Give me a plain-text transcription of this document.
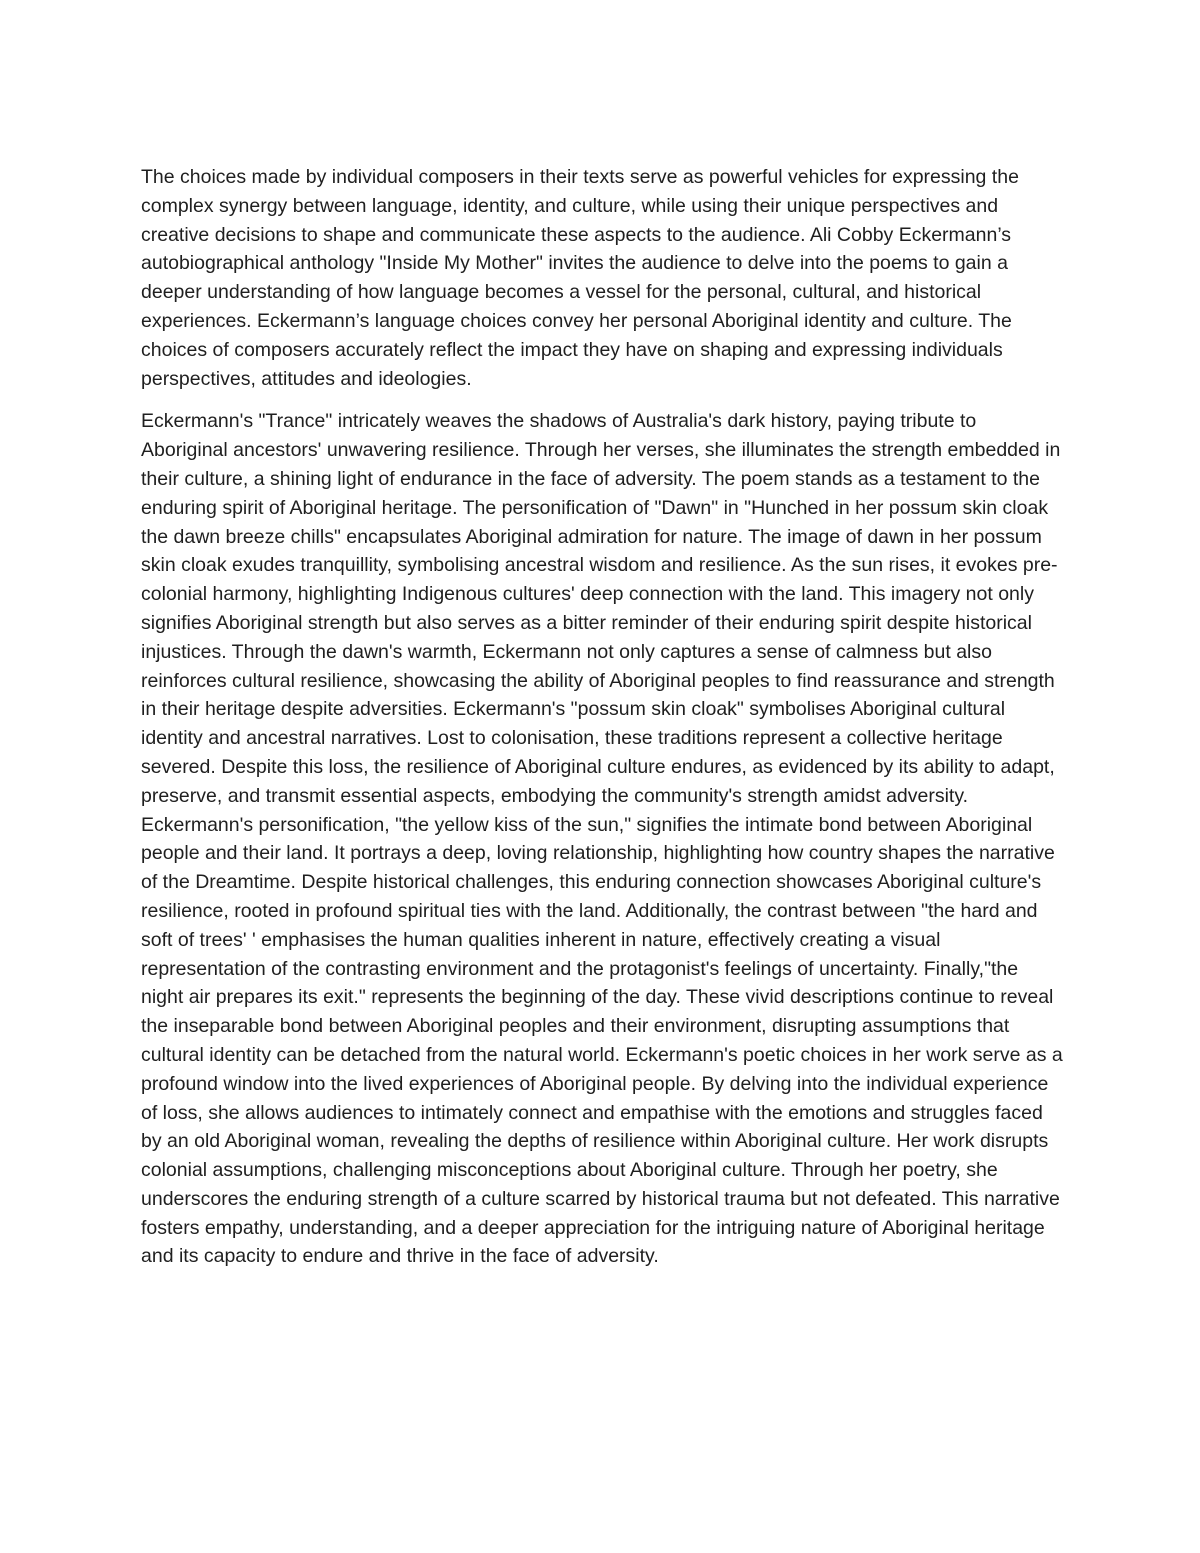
The choices made by individual composers in their texts serve as powerful vehicles for expressing the complex synergy between language, identity, and culture, while using their unique perspectives and creative decisions to shape and communicate these aspects to the audience. Ali Cobby Eckermann’s autobiographical anthology "Inside My Mother" invites the audience to delve into the poems to gain a deeper understanding of how language becomes a vessel for the personal, cultural, and historical experiences. Eckermann’s language choices convey her personal Aboriginal identity and culture. The choices of composers accurately reflect the impact they have on shaping and expressing individuals perspectives, attitudes and ideologies.

Eckermann's "Trance" intricately weaves the shadows of Australia's dark history, paying tribute to Aboriginal ancestors' unwavering resilience. Through her verses, she illuminates the strength embedded in their culture, a shining light of endurance in the face of adversity. The poem stands as a testament to the enduring spirit of Aboriginal heritage. The personification of "Dawn" in "Hunched in her possum skin cloak the dawn breeze chills" encapsulates Aboriginal admiration for nature. The image of dawn in her possum skin cloak exudes tranquillity, symbolising ancestral wisdom and resilience. As the sun rises, it evokes pre-colonial harmony, highlighting Indigenous cultures' deep connection with the land. This imagery not only signifies Aboriginal strength but also serves as a bitter reminder of their enduring spirit despite historical injustices. Through the dawn's warmth, Eckermann not only captures a sense of calmness but also reinforces cultural resilience, showcasing the ability of Aboriginal peoples to find reassurance and strength in their heritage despite adversities. Eckermann's "possum skin cloak" symbolises Aboriginal cultural identity and ancestral narratives. Lost to colonisation, these traditions represent a collective heritage severed. Despite this loss, the resilience of Aboriginal culture endures, as evidenced by its ability to adapt, preserve, and transmit essential aspects, embodying the community's strength amidst adversity. Eckermann's personification, "the yellow kiss of the sun," signifies the intimate bond between Aboriginal people and their land. It portrays a deep, loving relationship, highlighting how country shapes the narrative of the Dreamtime. Despite historical challenges, this enduring connection showcases Aboriginal culture's resilience, rooted in profound spiritual ties with the land. Additionally, the contrast between "the hard and soft of trees' ' emphasises the human qualities inherent in nature, effectively creating a visual representation of the contrasting environment and the protagonist's feelings of uncertainty. Finally,"the night air prepares its exit." represents the beginning of the day. These vivid descriptions continue to reveal the inseparable bond between Aboriginal peoples and their environment, disrupting assumptions that cultural identity can be detached from the natural world. Eckermann's poetic choices in her work serve as a profound window into the lived experiences of Aboriginal people. By delving into the individual experience of loss, she allows audiences to intimately connect and empathise with the emotions and struggles faced by an old Aboriginal woman, revealing the depths of resilience within Aboriginal culture. Her work disrupts colonial assumptions, challenging misconceptions about Aboriginal culture. Through her poetry, she underscores the enduring strength of a culture scarred by historical trauma but not defeated. This narrative fosters empathy, understanding, and a deeper appreciation for the intriguing nature of Aboriginal heritage and its capacity to endure and thrive in the face of adversity.
